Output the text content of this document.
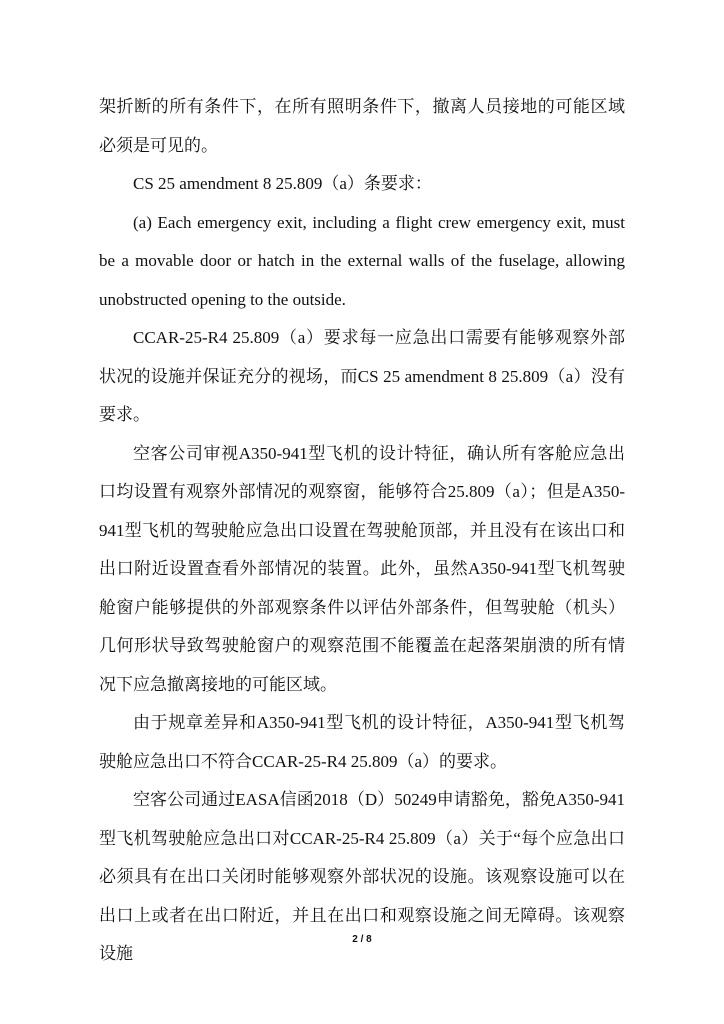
架折断的所有条件下，在所有照明条件下，撤离人员接地的可能区域必须是可见的。

CS 25 amendment 8 25.809（a）条要求：

(a) Each emergency exit, including a flight crew emergency exit, must be a movable door or hatch in the external walls of the fuselage, allowing unobstructed opening to the outside.

CCAR-25-R4 25.809（a）要求每一应急出口需要有能够观察外部状况的设施并保证充分的视场，而CS 25 amendment 8 25.809（a）没有要求。

空客公司审视A350-941型飞机的设计特征，确认所有客舱应急出口均设置有观察外部情况的观察窗，能够符合25.809（a）；但是A350-941型飞机的驾驶舱应急出口设置在驾驶舱顶部，并且没有在该出口和出口附近设置查看外部情况的装置。此外，虽然A350-941型飞机驾驶舱窗户能够提供的外部观察条件以评估外部条件，但驾驶舱（机头）几何形状导致驾驶舱窗户的观察范围不能覆盖在起落架崩溃的所有情况下应急撤离接地的可能区域。

由于规章差异和A350-941型飞机的设计特征，A350-941型飞机驾驶舱应急出口不符合CCAR-25-R4 25.809（a）的要求。

空客公司通过EASA信函2018（D）50249申请豁免，豁免A350-941型飞机驾驶舱应急出口对CCAR-25-R4 25.809（a）关于“每个应急出口必须具有在出口关闭时能够观察外部状况的设施。该观察设施可以在出口上或者在出口附近，并且在出口和观察设施之间无障碍。该观察设施

2 / 8
